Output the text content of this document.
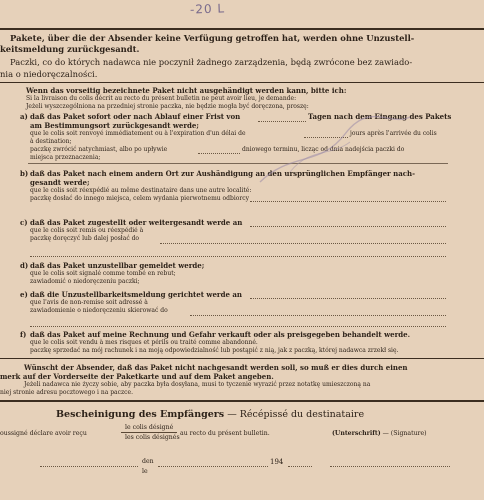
-20 L
Pakete, über die der Absender keine Verfügung getroffen hat, werden ohne Unzustell-
keitsmeldung zurückgesandt.
Paczki, co do których nadawca nie poczynił żadnego zarządzenia, będą zwrócone bez zawiado-
nia o niedoręczalności.
Wenn das vorseitig bezeichnete Paket nicht ausgehändigt werden kann, bitte ich:
Si la livraison du colis décrit au recto du présent bulletin ne peut avoir lieu, je demande:
Jeżeli wyszczególniona na przedniej stronie paczka, nie będzie mogła być doręczona, proszę:
a) daß das Paket sofort oder nach Ablauf einer Frist von	Tagen nach dem Eingang des Pakets
am Bestimmungsort zurückgesandt werde;
que le colis soit renvoyé immédiatement ou à l'expiration d'un délai de	jours après l'arrivée du colis
à destination;
paczkę zwrócić natychmiast, albo po upływie	dniowego terminu, licząc od dnia nadejścia paczki do
miejsca przeznaczenia;
b) daß das Paket nach einem andern Ort zur Aushändigung an den ursprünglichen Empfänger nach-
gesandt werde;
que le colis soit réexpédié au même destinataire dans une autre localité:
paczkę dosłać do innego miejsca, celem wydania pierwotnemu odbiorcy
c) daß das Paket zugestellt oder weitergesandt werde an
que le colis soit remis ou réexpédié à
paczkę doręczyć lub dalej posłać do
d) daß das Paket unzustellbar gemeldet werde;
que le colis soit signalé comme tombé en rebut;
zawiadomić o niedoręczeniu paczki;
e) daß die Unzustellbarkeitsmeldung gerichtet werde an
que l'avis de non-remise soit adressé à
zawiadomienie o niedoręczeniu skierować do
f) daß das Paket auf meine Rechnung und Gefahr verkauft oder als preisgegeben behandelt werde.
que le colis soit vendu à mes risques et périls ou traité comme abandonné.
paczkę sprzedać na mój rachunek i na moją odpowiedzialność lub postąpić z nią, jak z paczką, której nadawca zrzekł się.
Wünscht der Absender, daß das Paket nicht nachgesandt werden soll, so muß er dies durch einen
merk auf der Vorderseite der Paketkarte und auf dem Paket angeben.
Jeżeli nadawca nie życzy sobie, aby paczka była dosyłana, musi to tyczenie wyrazić przez notatkę umieszczoną na
niej stronie adresu pocztowego i na paczce.
Bescheinigung des Empfängers — Récépissé du destinataire
oussigné déclare avoir reçu
le colis désigné
les colis désignés
au recto du présent bulletin.	(Unterschrift) — (Signature)
den	194
le
